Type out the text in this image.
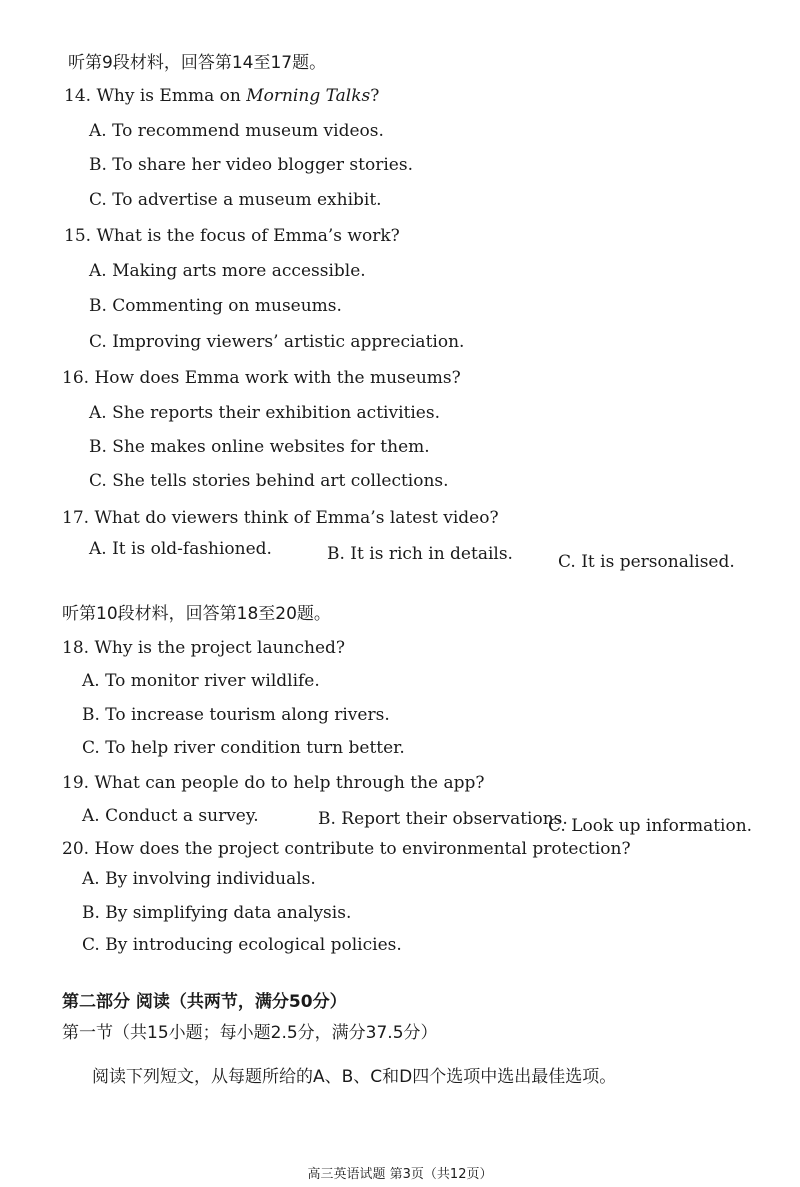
听第9段材料，回答第14至17题。
14. Why is Emma on Morning Talks?
A. To recommend museum videos.
B. To share her video blogger stories.
C. To advertise a museum exhibit.
15. What is the focus of Emma’s work?
A. Making arts more accessible.
B. Commenting on museums.
C. Improving viewers’ artistic appreciation.
16. How does Emma work with the museums?
A. She reports their exhibition activities.
B. She makes online websites for them.
C. She tells stories behind art collections.
17. What do viewers think of Emma’s latest video?
A. It is old-fashioned.	B. It is rich in details.	C. It is personalised.
听第10段材料，回答第18至20题。
18. Why is the project launched?
A. To monitor river wildlife.
B. To increase tourism along rivers.
C. To help river condition turn better.
19. What can people do to help through the app?
A. Conduct a survey.	B. Report their observations.
C. Look up information.
20. How does the project contribute to environmental protection?
A. By involving individuals.
B. By simplifying data analysis.
C. By introducing ecological policies.
第二部分 阅读（共两节，满分50分）
第一节（共15小题；每小题2.5分，满分37.5分）
阅读下列短文，从每题所给的A、B、C和D四个选项中选出最佳选项。
高三英语试题 第3页（共12页）
